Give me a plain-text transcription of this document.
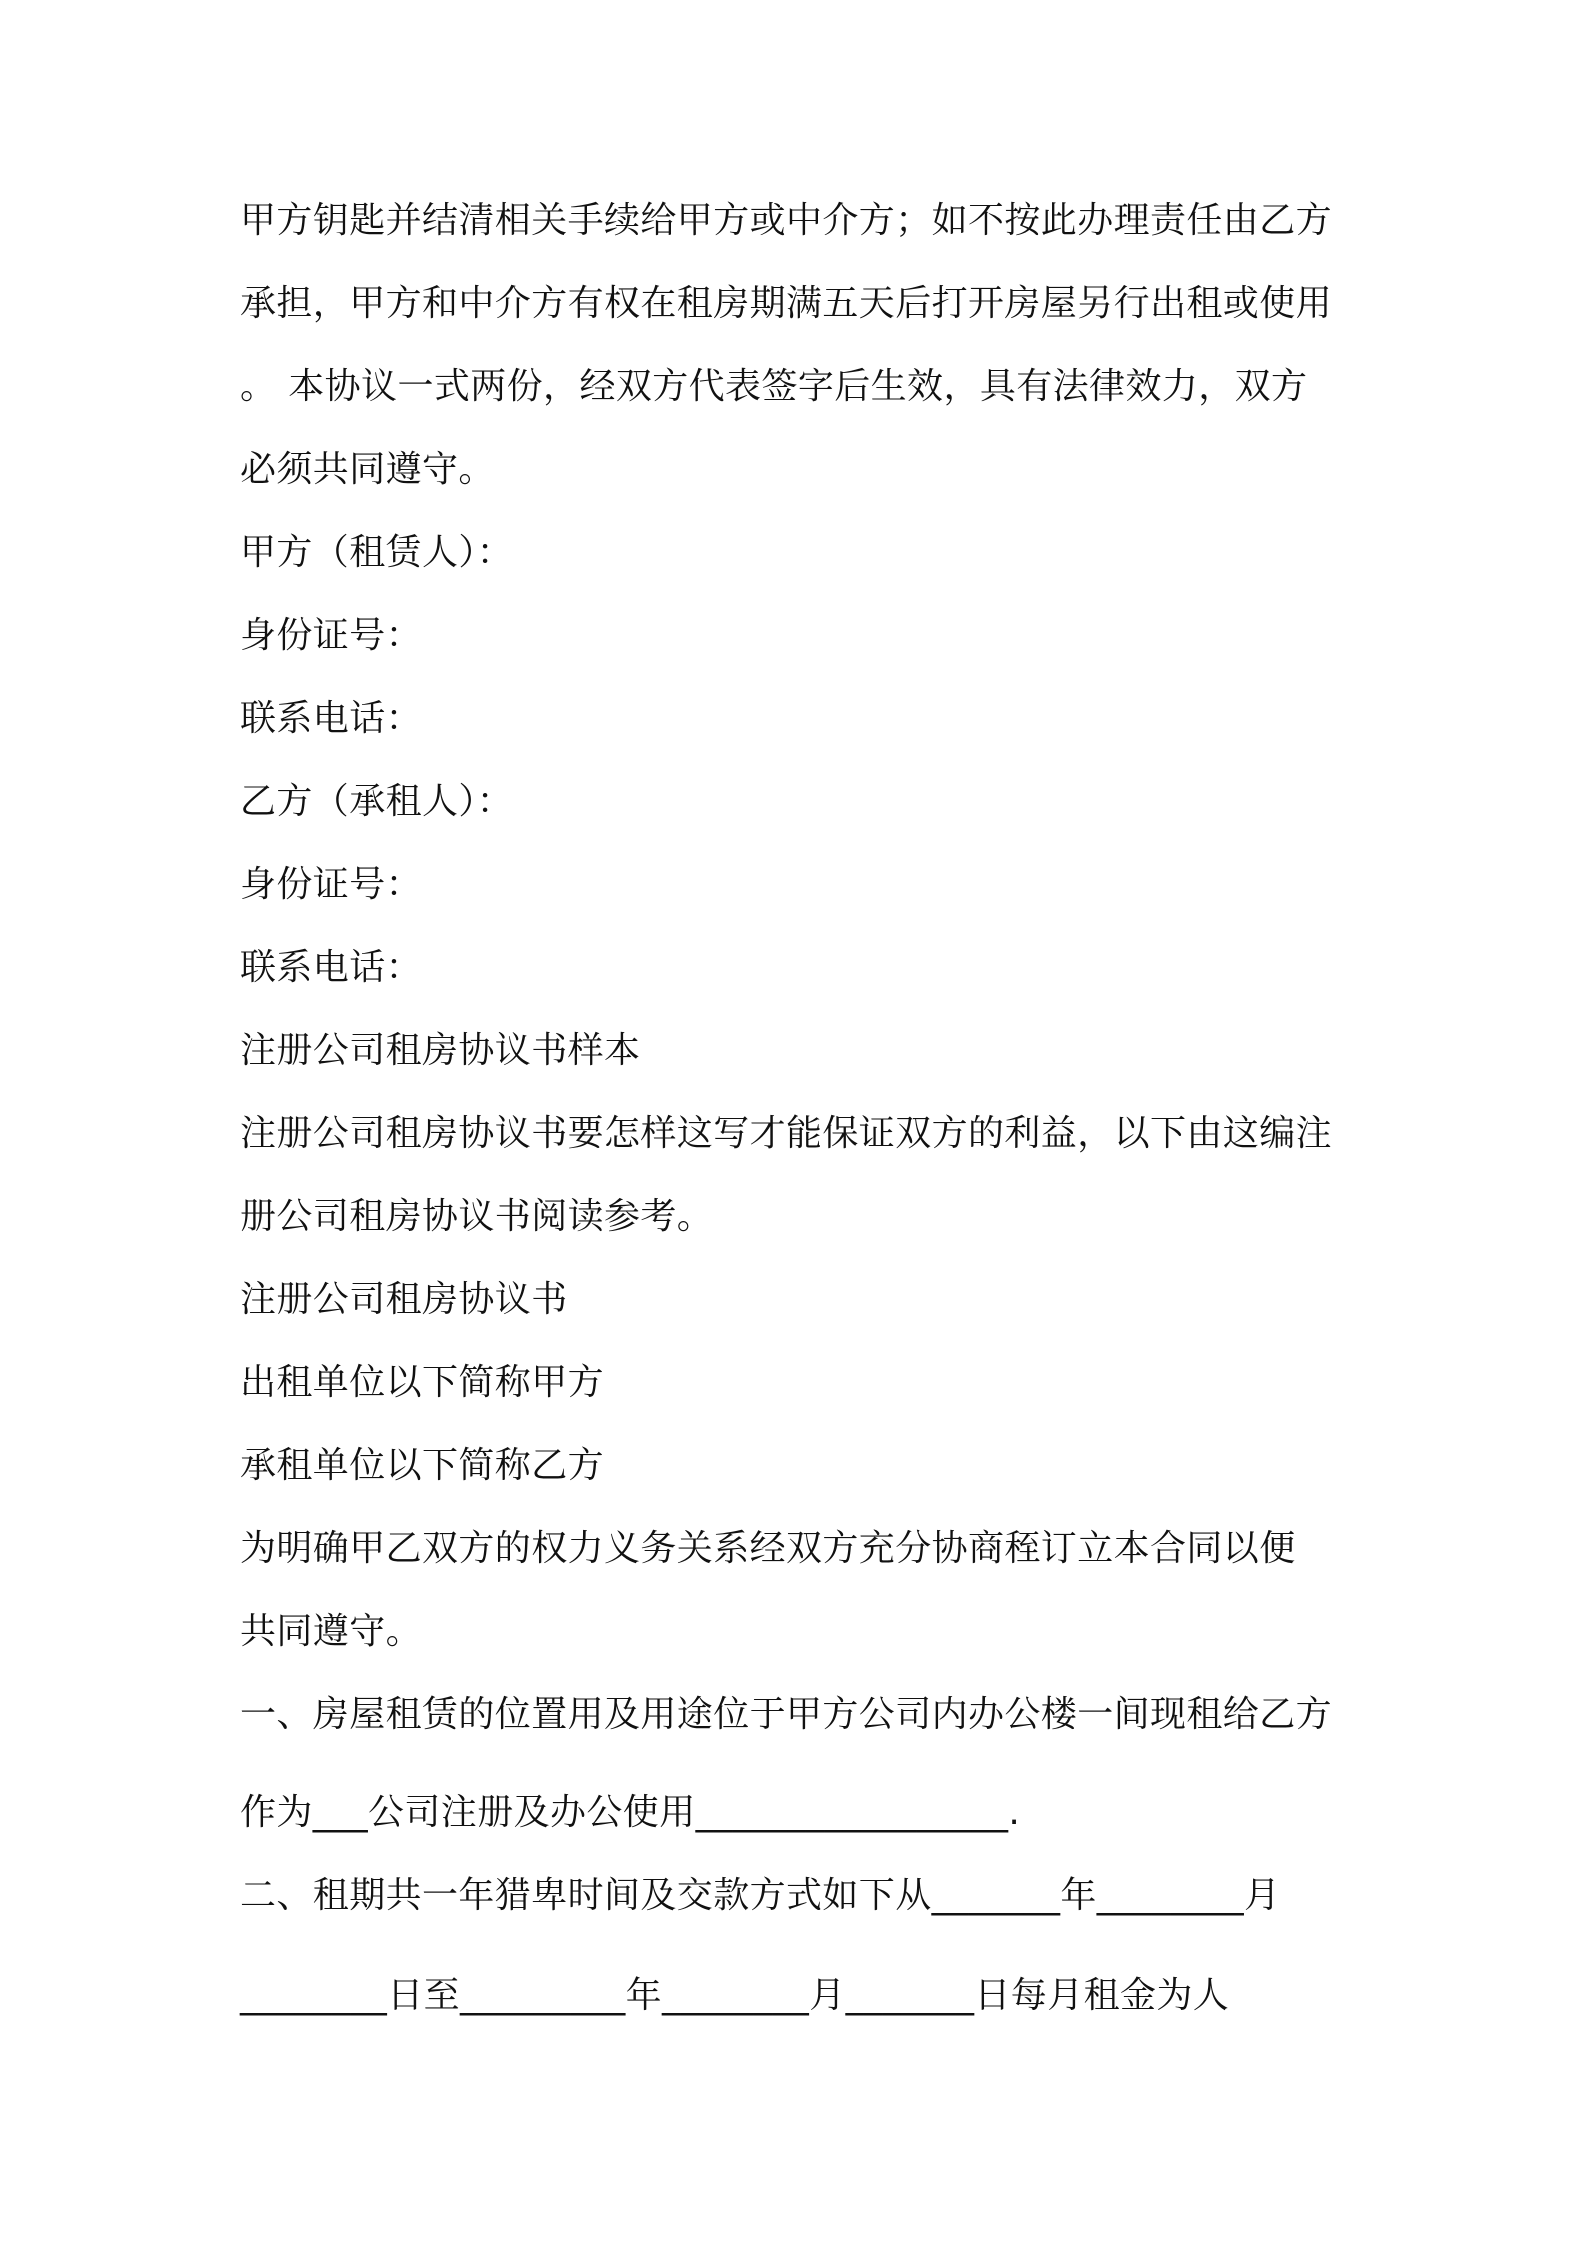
甲方钥匙并结清相关手续给甲方或中介方；如不按此办理责任由乙方
承担，甲方和中介方有权在租房期满五天后打开房屋另行出租或使用
。 本协议一式两份，经双方代表签字后生效，具有法律效力，双方
必须共同遵守。
甲方（租赁人）：
身份证号：
联系电话：
乙方（承租人）：
身份证号：
联系电话：
注册公司租房协议书样本
注册公司租房协议书要怎样这写才能保证双方的利益，以下由这编注
册公司租房协议书阅读参考。
注册公司租房协议书
出租单位以下简称甲方
承租单位以下简称乙方
为明确甲乙双方的权力义务关系经双方充分协商秷订立本合同以便
共同遵守。
一、房屋租赁的位置用及用途位于甲方公司内办公楼一间现租给乙方
作为___公司注册及办公使用_________________.
二、租期共一年猎卑时间及交款方式如下从_______年________月
________日至_________年________月_______日每月租金为人
